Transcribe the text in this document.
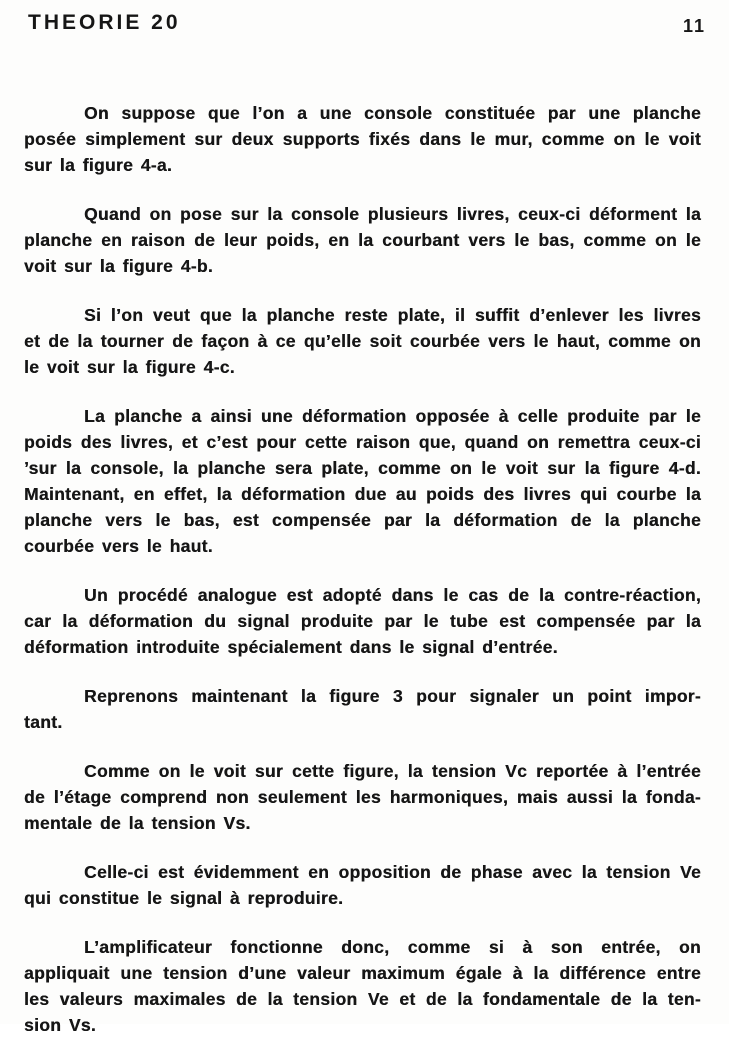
THEORIE 20	11
On suppose que l’on a une console constituée par une planche
posée simplement sur deux supports fixés dans le mur, comme on le voit
sur la figure 4-a.
Quand on pose sur la console plusieurs livres, ceux-ci déforment la
planche en raison de leur poids, en la courbant vers le bas, comme on le
voit sur la figure 4-b.
Si l’on veut que la planche reste plate, il suffit d’enlever les livres
et de la tourner de façon à ce qu’elle soit courbée vers le haut, comme on
le voit sur la figure 4-c.
La planche a ainsi une déformation opposée à celle produite par le
poids des livres, et c’est pour cette raison que, quand on remettra ceux-ci
’sur la console, la planche sera plate, comme on le voit sur la figure 4-d.
Maintenant, en effet, la déformation due au poids des livres qui courbe la
planche vers le bas, est compensée par la déformation de la planche
courbée vers le haut.
Un procédé analogue est adopté dans le cas de la contre-réaction,
car la déformation du signal produite par le tube est compensée par la
déformation introduite spécialement dans le signal d’entrée.
Reprenons maintenant la figure 3 pour signaler un point impor-
tant.
Comme on le voit sur cette figure, la tension Vc reportée à l’entrée
de l’étage comprend non seulement les harmoniques, mais aussi la fonda-
mentale de la tension Vs.
Celle-ci est évidemment en opposition de phase avec la tension Ve
qui constitue le signal à reproduire.
L’amplificateur fonctionne donc, comme si à son entrée, on
appliquait une tension d’une valeur maximum égale à la différence entre
les valeurs maximales de la tension Ve et de la fondamentale de la ten-
sion Vs.
